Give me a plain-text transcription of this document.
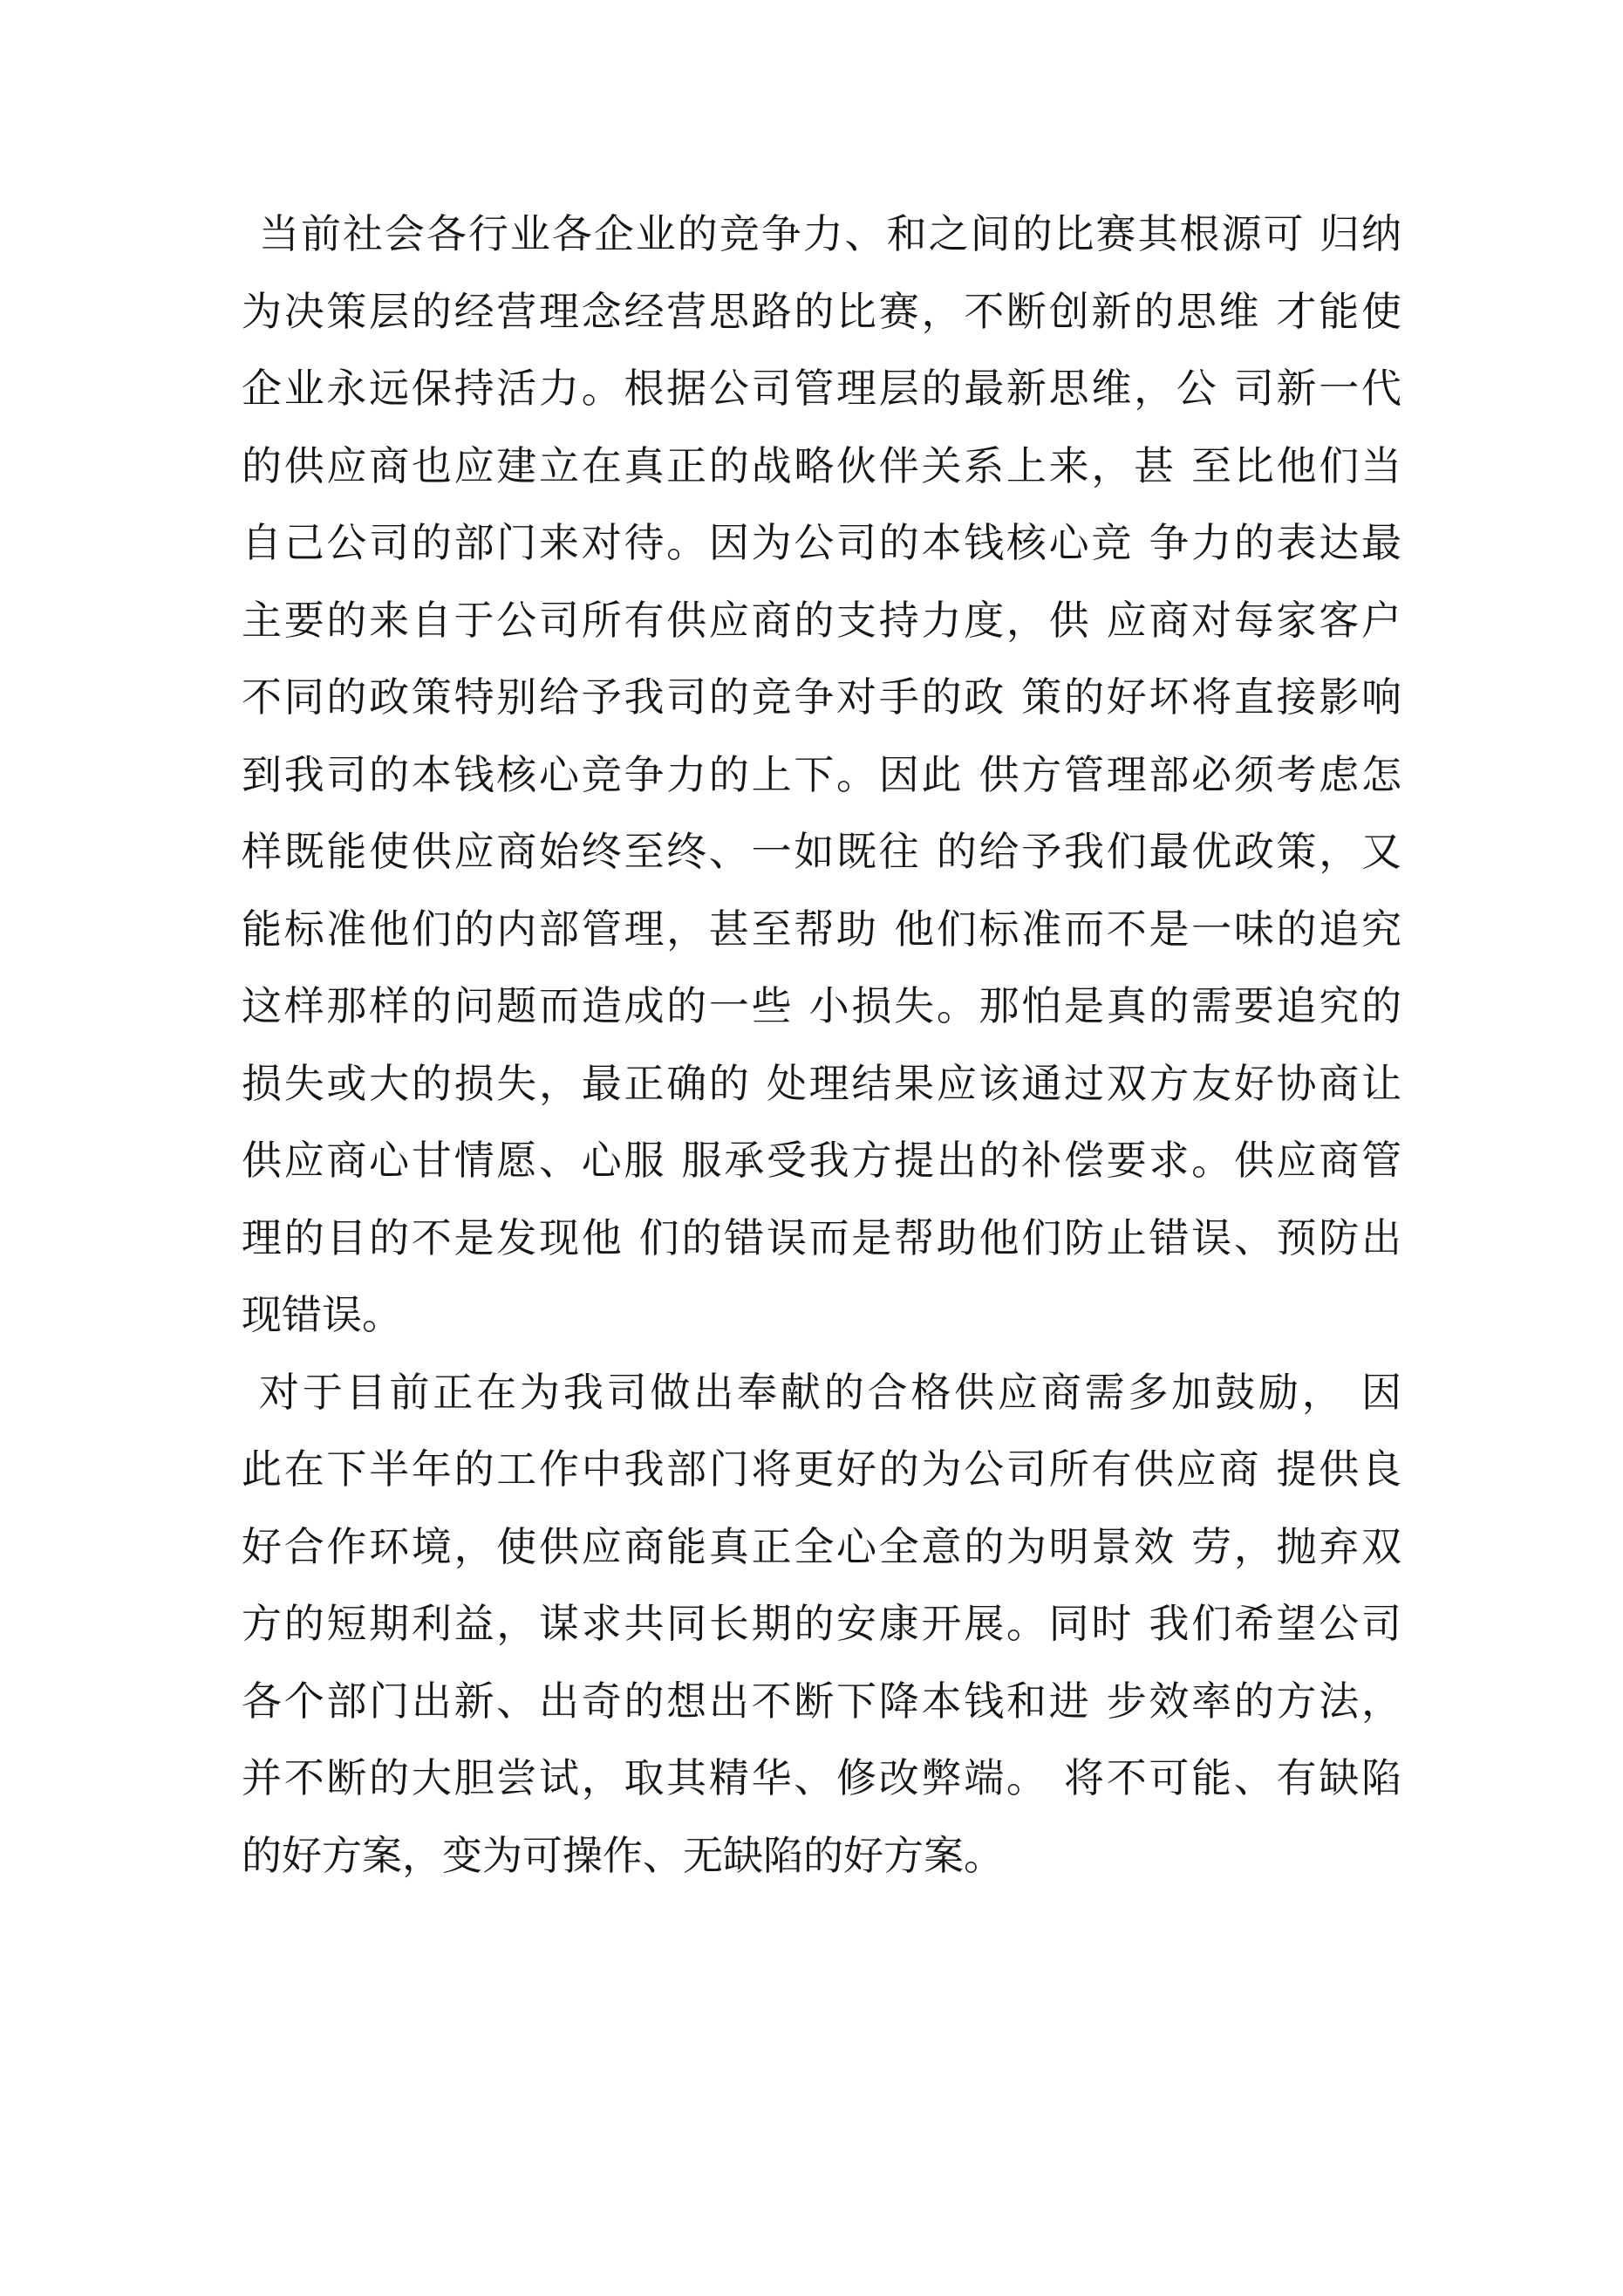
当前社会各行业各企业的竞争力、和之间的比赛其根源可 归纳
为决策层的经营理念经营思路的比赛，不断创新的思维 才能使
企业永远保持活力。根据公司管理层的最新思维，公 司新一代
的供应商也应建立在真正的战略伙伴关系上来，甚 至比他们当
自己公司的部门来对待。因为公司的本钱核心竞 争力的表达最
主要的来自于公司所有供应商的支持力度，供 应商对每家客户
不同的政策特别给予我司的竞争对手的政 策的好坏将直接影响
到我司的本钱核心竞争力的上下。因此 供方管理部必须考虑怎
样既能使供应商始终至终、一如既往 的给予我们最优政策，又
能标准他们的内部管理，甚至帮助 他们标准而不是一味的追究
这样那样的问题而造成的一些 小损失。那怕是真的需要追究的
损失或大的损失，最正确的 处理结果应该通过双方友好协商让
供应商心甘情愿、心服 服承受我方提出的补偿要求。供应商管
理的目的不是发现他 们的错误而是帮助他们防止错误、预防出
现错误。
对于目前正在为我司做出奉献的合格供应商需多加鼓励， 因
此在下半年的工作中我部门将更好的为公司所有供应商 提供良
好合作环境，使供应商能真正全心全意的为明景效 劳，抛弃双
方的短期利益，谋求共同长期的安康开展。同时 我们希望公司
各个部门出新、出奇的想出不断下降本钱和进 步效率的方法，
并不断的大胆尝试，取其精华、修改弊端。 将不可能、有缺陷
的好方案，变为可操作、无缺陷的好方案。
